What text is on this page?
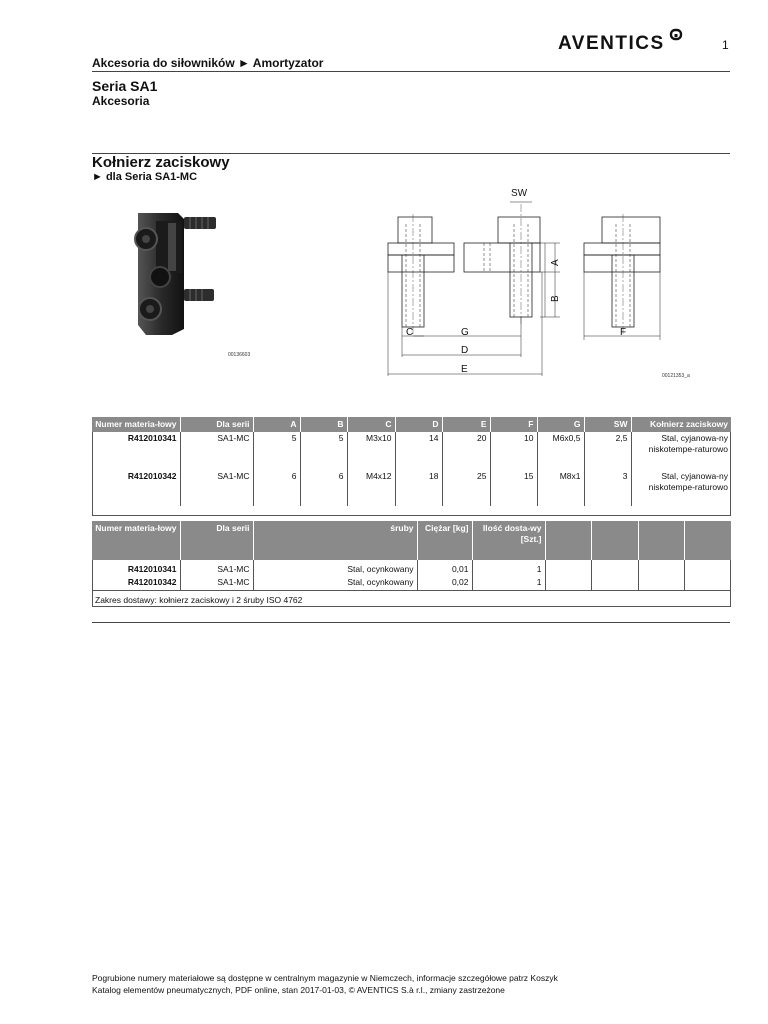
AVENTICS	1
Akcesoria do siłowników ► Amortyzator
Seria SA1
Akcesoria
Kołnierz zaciskowy
► dla Seria SA1-MC
00136603
SW
A
B
C	G
D
E
F
00121353_a
Numer materia-łowy	Dla serii	A	B	C	D	E	F	G	SW	Kołnierz zaciskowy
R412010341	SA1-MC	5	5	M3x10	14	20	10	M6x0,5	2,5	Stal, cyjanowa-ny niskotempe-raturowo
R412010342	SA1-MC	6	6	M4x12	18	25	15	M8x1	3	Stal, cyjanowa-ny niskotempe-raturowo
Numer materia-łowy	Dla serii	śruby	Ciężar [kg]	Ilość dosta-wy [Szt.]				
R412010341	SA1-MC	Stal, ocynkowany	0,01	1				
R412010342	SA1-MC	Stal, ocynkowany	0,02	1				
Zakres dostawy: kołnierz zaciskowy i 2 śruby ISO 4762								
Pogrubione numery materiałowe są dostępne w centralnym magazynie w Niemczech, informacje szczegółowe patrz Koszyk
Katalog elementów pneumatycznych, PDF online, stan 2017-01-03, © AVENTICS S.à r.l., zmiany zastrzeżone
